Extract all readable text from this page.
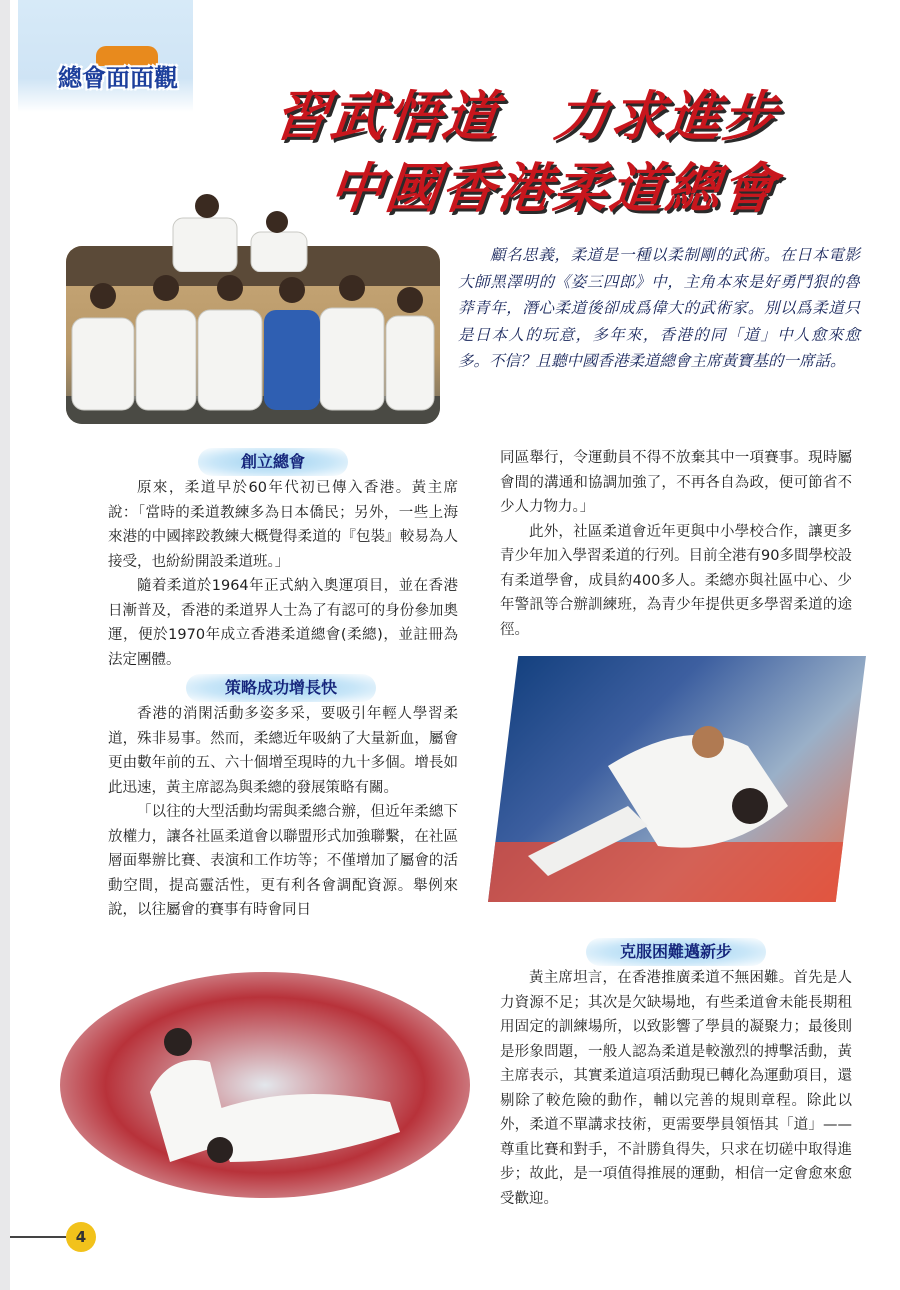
總會面面觀
習武悟道　力求進步
中國香港柔道總會

顧名思義，柔道是一種以柔制剛的武術。在日本電影大師黑澤明的《姿三四郎》中，主角本來是好勇鬥狠的魯莽青年，潛心柔道後卻成爲偉大的武術家。別以爲柔道只是日本人的玩意，多年來，香港的同「道」中人愈來愈多。不信？且聽中國香港柔道總會主席黃寶基的一席話。

創立總會

原來，柔道早於60年代初已傳入香港。黃主席說：「當時的柔道教練多為日本僑民；另外，一些上海來港的中國摔跤教練大概覺得柔道的『包裝』較易為人接受，也紛紛開設柔道班。」

隨着柔道於1964年正式納入奧運項目，並在香港日漸普及，香港的柔道界人士為了有認可的身份參加奧運，便於1970年成立香港柔道總會(柔總)，並註冊為法定團體。

策略成功增長快

香港的消閑活動多姿多采，要吸引年輕人學習柔道，殊非易事。然而，柔總近年吸納了大量新血，屬會更由數年前的五、六十個增至現時的九十多個。增長如此迅速，黃主席認為與柔總的發展策略有關。

「以往的大型活動均需與柔總合辦，但近年柔總下放權力，讓各社區柔道會以聯盟形式加強聯繫，在社區層面舉辦比賽、表演和工作坊等；不僅增加了屬會的活動空間，提高靈活性，更有利各會調配資源。舉例來說，以往屬會的賽事有時會同日

同區舉行，令運動員不得不放棄其中一項賽事。現時屬會間的溝通和協調加強了，不再各自為政，便可節省不少人力物力。」

此外，社區柔道會近年更與中小學校合作，讓更多青少年加入學習柔道的行列。目前全港有90多間學校設有柔道學會，成員約400多人。柔總亦與社區中心、少年警訊等合辦訓練班，為青少年提供更多學習柔道的途徑。

克服困難邁新步

黃主席坦言，在香港推廣柔道不無困難。首先是人力資源不足；其次是欠缺場地，有些柔道會未能長期租用固定的訓練場所，以致影響了學員的凝聚力；最後則是形象問題，一般人認為柔道是較激烈的搏擊活動，黃主席表示，其實柔道這項活動現已轉化為運動項目，還剔除了較危險的動作，輔以完善的規則章程。除此以外，柔道不單講求技術，更需要學員領悟其「道」——尊重比賽和對手，不計勝負得失，只求在切磋中取得進步；故此，是一項值得推展的運動，相信一定會愈來愈受歡迎。

4
